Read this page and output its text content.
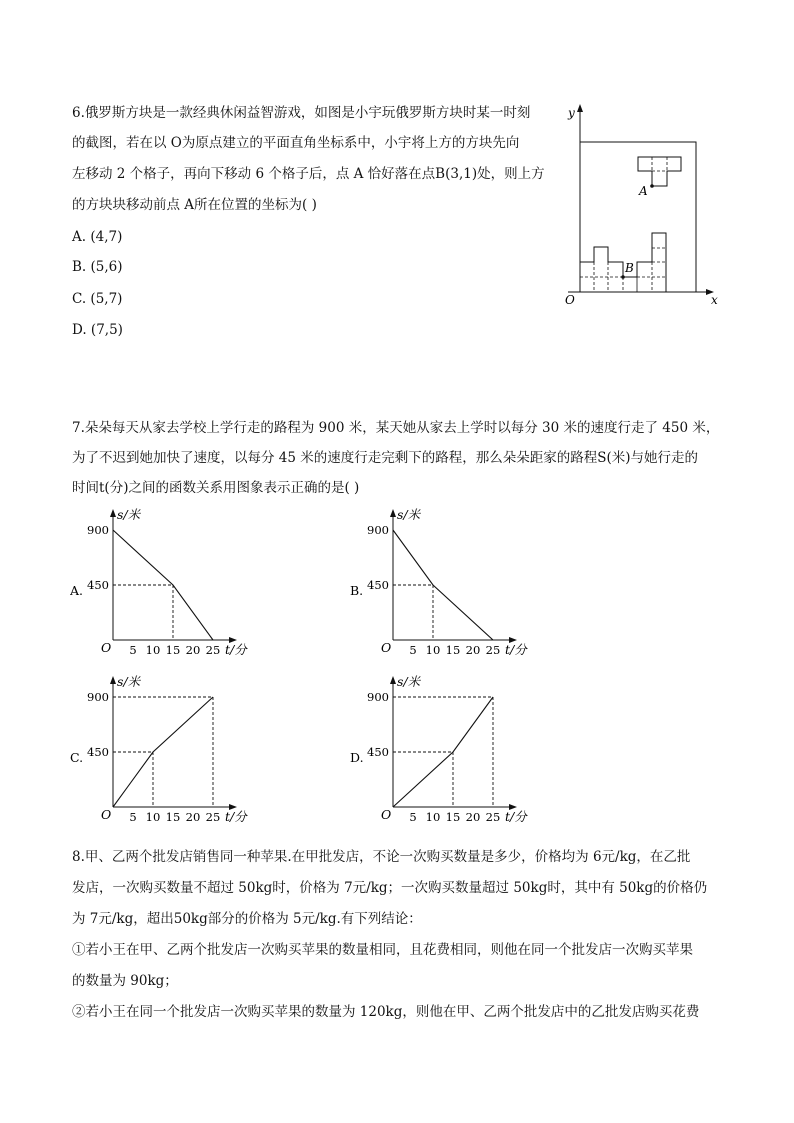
6.俄罗斯方块是一款经典休闲益智游戏，如图是小宇玩俄罗斯方块时某一时刻
的截图，若在以 O为原点建立的平面直角坐标系中，小宇将上方的方块先向
左移动 2 个格子，再向下移动 6 个格子后，点 A 恰好落在点B(3,1)处，则上方
的方块块移动前点 A所在位置的坐标为( )
A. (4,7)
B. (5,6)
C. (5,7)
D. (7,5)
y
x
O
A
B
7.朵朵每天从家去学校上学行走的路程为 900 米，某天她从家去上学时以每分 30 米的速度行走了 450 米，
为了不迟到她加快了速度，以每分 45 米的速度行走完剩下的路程，那么朵朵距家的路程S(米)与她行走的
时间t(分)之间的函数关系用图象表示正确的是( )
A.
s/米
t/分
O 5 10 15 20 25
450
900
B.
s/米
t/分
O 5 10 15 20 25
450
900
C.
s/米
t/分
O 5 10 15 20 25
450
900
D.
s/米
t/分
O 5 10 15 20 25
450
900
8.甲、乙两个批发店销售同一种苹果.在甲批发店，不论一次购买数量是多少，价格均为 6元/kg，在乙批
发店，一次购买数量不超过 50kg时，价格为 7元/kg；一次购买数量超过 50kg时，其中有 50kg的价格仍
为 7元/kg，超出50kg部分的价格为 5元/kg.有下列结论：
①若小王在甲、乙两个批发店一次购买苹果的数量相同，且花费相同，则他在同一个批发店一次购买苹果
的数量为 90kg；
②若小王在同一个批发店一次购买苹果的数量为 120kg，则他在甲、乙两个批发店中的乙批发店购买花费
